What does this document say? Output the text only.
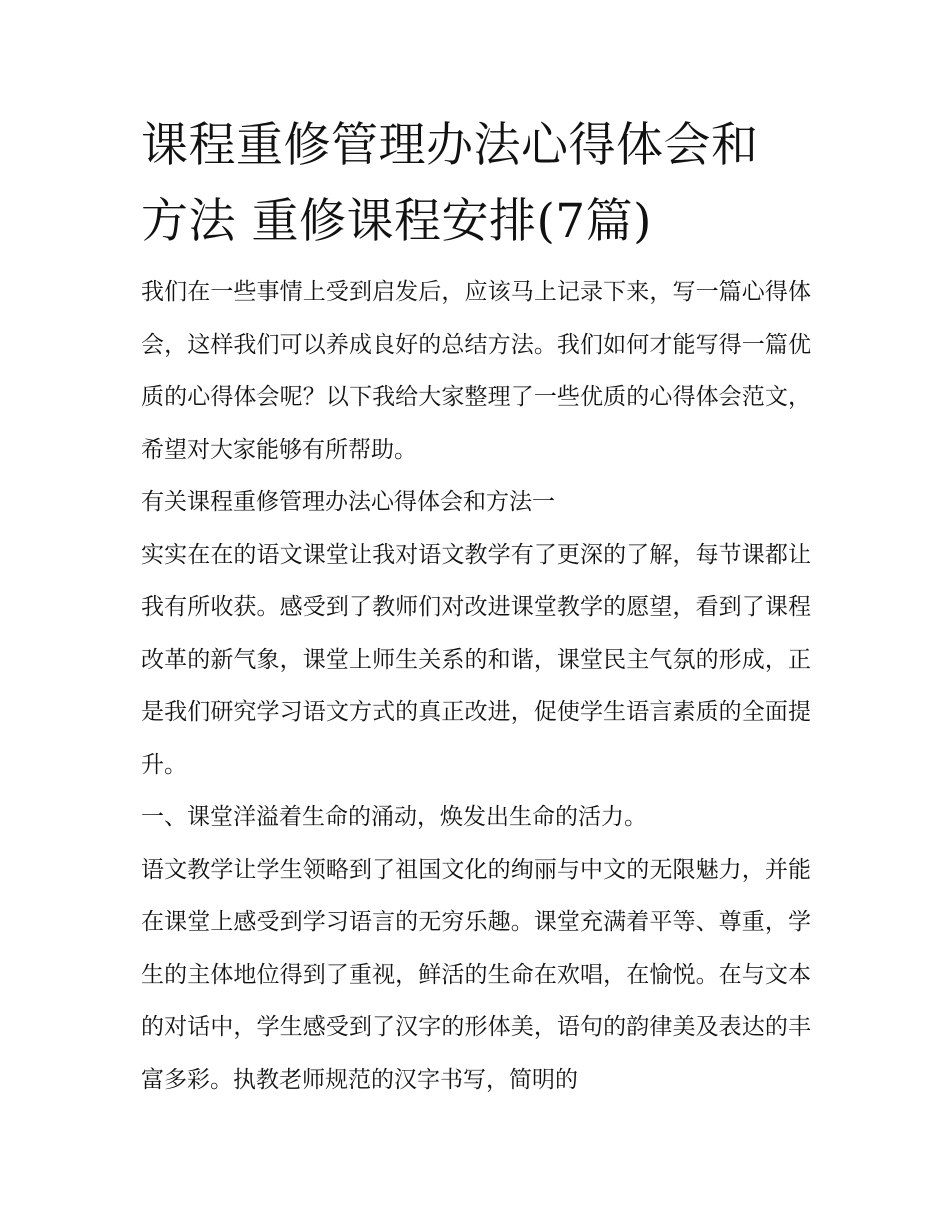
课程重修管理办法心得体会和
方法 重修课程安排(7篇)

我们在一些事情上受到启发后，应该马上记录下来，写一篇心得体会，这样我们可以养成良好的总结方法。我们如何才能写得一篇优质的心得体会呢？以下我给大家整理了一些优质的心得体会范文，希望对大家能够有所帮助。

有关课程重修管理办法心得体会和方法一

实实在在的语文课堂让我对语文教学有了更深的了解，每节课都让我有所收获。感受到了教师们对改进课堂教学的愿望，看到了课程改革的新气象，课堂上师生关系的和谐，课堂民主气氛的形成，正是我们研究学习语文方式的真正改进，促使学生语言素质的全面提升。

一、课堂洋溢着生命的涌动，焕发出生命的活力。

语文教学让学生领略到了祖国文化的绚丽与中文的无限魅力，并能在课堂上感受到学习语言的无穷乐趣。课堂充满着平等、尊重，学生的主体地位得到了重视，鲜活的生命在欢唱，在愉悦。在与文本的对话中，学生感受到了汉字的形体美，语句的韵律美及表达的丰富多彩。执教老师规范的汉字书写，简明的
